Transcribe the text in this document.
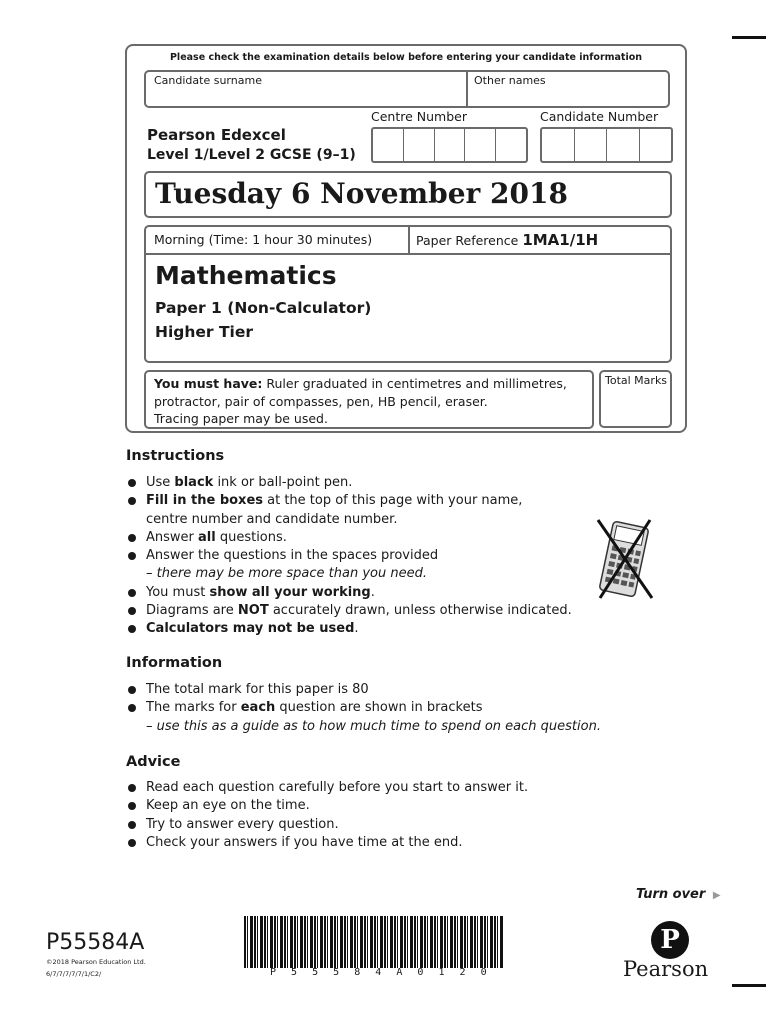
Please check the examination details below before entering your candidate information
Candidate surname	Other names
Pearson Edexcel
Level 1/Level 2 GCSE (9–1)
Centre Number	Candidate Number
Tuesday 6 November 2018
Morning (Time: 1 hour 30 minutes)	Paper Reference 1MA1/1H
Mathematics
Paper 1 (Non-Calculator)
Higher Tier
You must have: Ruler graduated in centimetres and millimetres,
protractor, pair of compasses, pen, HB pencil, eraser.
Tracing paper may be used.
Total Marks
Instructions
Use black ink or ball-point pen.
Fill in the boxes at the top of this page with your name,
centre number and candidate number.
Answer all questions.
Answer the questions in the spaces provided
– there may be more space than you need.
You must show all your working.
Diagrams are NOT accurately drawn, unless otherwise indicated.
Calculators may not be used.
Information
The total mark for this paper is 80
The marks for each question are shown in brackets
– use this as a guide as to how much time to spend on each question.
Advice
Read each question carefully before you start to answer it.
Keep an eye on the time.
Try to answer every question.
Check your answers if you have time at the end.
Turn over ▶
P55584A
©2018 Pearson Education Ltd.
6/7/7/7/7/7/1/C2/	P  5  5  5  8  4  A  0  1  2  0
P
Pearson
